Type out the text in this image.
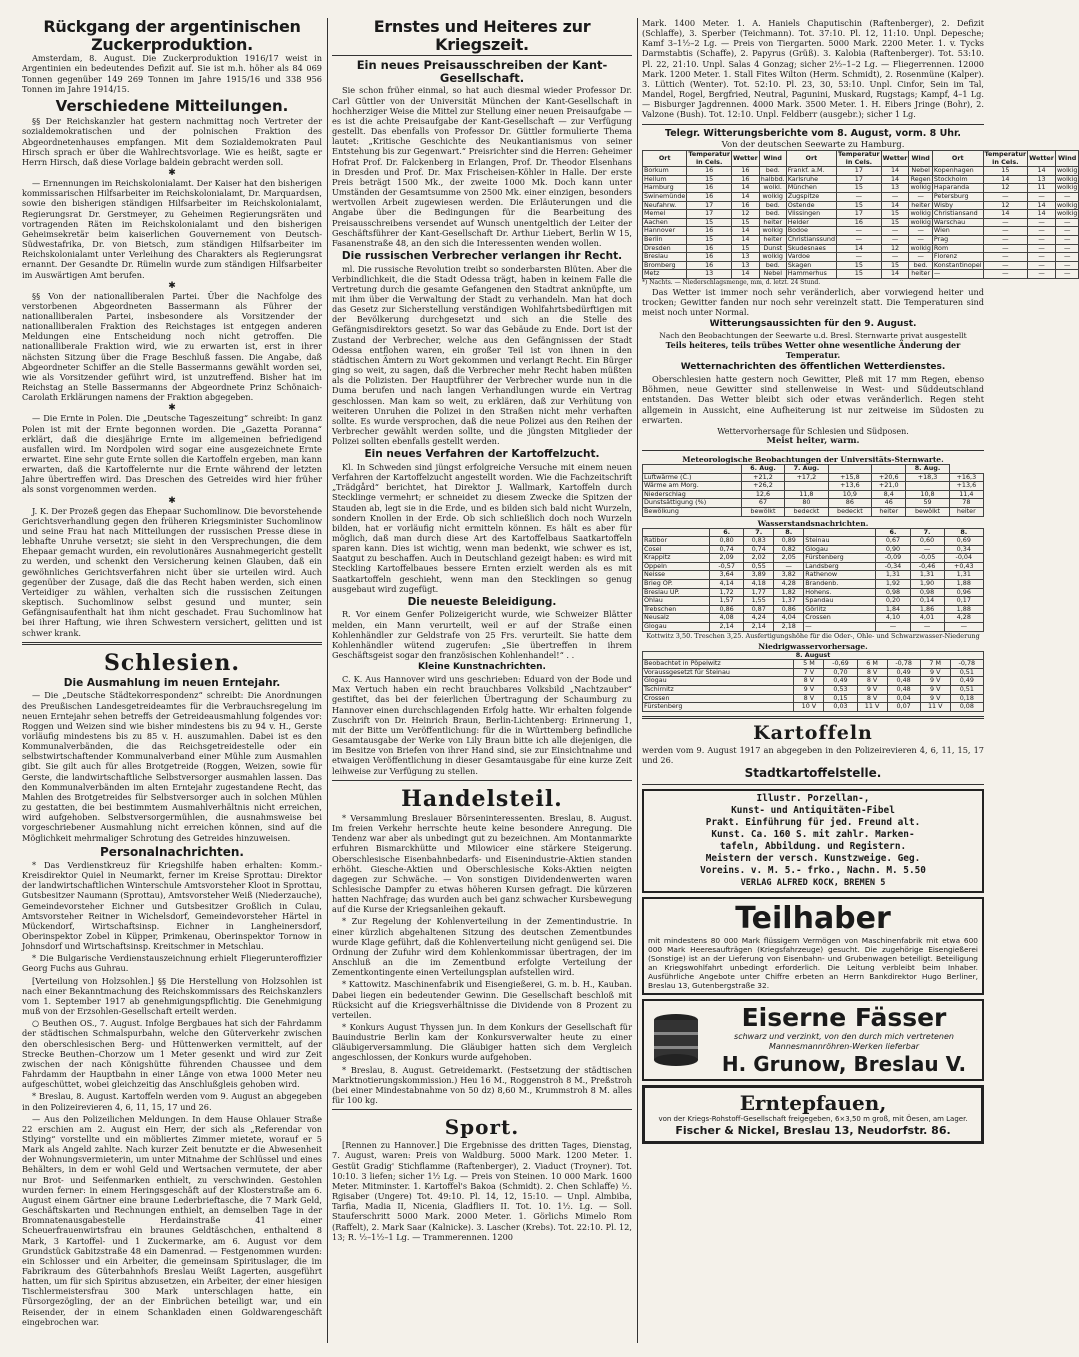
Rückgang der argentinischen Zuckerproduktion.
Amsterdam, 8. August. Die Zuckerproduktion 1916/17 weist in Argentinien ein bedeutendes Defizit auf. Sie ist m.h. höher als 84 069 Tonnen gegenüber 149 269 Tonnen im Jahre 1915/16 und 338 956 Tonnen im Jahre 1914/15.
Verschiedene Mitteilungen.
§§ Der Reichskanzler hat gestern nachmittag noch Vertreter der sozialdemokratischen und der polnischen Fraktion des Abgeordnetenhauses empfangen. Mit dem Sozialdemokraten Paul Hirsch sprach er über die Wahlrechtsvorlage. Wie es heißt, sagte er Herrn Hirsch, daß diese Vorlage baldein gebracht werden soll.
✱
— Ernennungen im Reichskolonialamt. Der Kaiser hat den bisherigen kommissarischen Hilfsarbeiter im Reichskolonialamt, Dr. Marquardsen, sowie den bisherigen ständigen Hilfsarbeiter im Reichskolonialamt, Regierungsrat Dr. Gerstmeyer, zu Geheimen Regierungsräten und vortragenden Räten im Reichskolonialamt und den bisherigen Geheimsekretär beim kaiserlichen Gouvernement von Deutsch-Südwestafrika, Dr. von Bietsch, zum ständigen Hilfsarbeiter im Reichskolonialamt unter Verleihung des Charakters als Regierungsrat ernannt. Der Gesandte Dr. Rümelin wurde zum ständigen Hilfsarbeiter im Auswärtigen Amt berufen.
✱
§§ Von der nationalliberalen Partei. Über die Nachfolge des verstorbenen Abgeordneten Bassermann als Führer der nationalliberalen Partei, insbesondere als Vorsitzender der nationalliberalen Fraktion des Reichstages ist entgegen anderen Meldungen eine Entscheidung noch nicht getroffen. Die nationalliberale Fraktion wird, wie zu erwarten ist, erst in ihrer nächsten Sitzung über die Frage Beschluß fassen. Die Angabe, daß Abgeordneter Schiffer an die Stelle Bassermanns gewählt worden sei, wie als Vorsitzender geführt wird, ist unzutreffend. Bisher hat im Reichstag an Stelle Bassermanns der Abgeordnete Prinz Schönaich-Carolath Erklärungen namens der Fraktion abgegeben.
✱
— Die Ernte in Polen. Die „Deutsche Tageszeitung“ schreibt: In ganz Polen ist mit der Ernte begonnen worden. Die „Gazetta Poranna“ erklärt, daß die diesjährige Ernte im allgemeinen befriedigend ausfallen wird. Im Nordpolen wird sogar eine ausgezeichnete Ernte erwartet. Eine sehr gute Ernte sollen die Kartoffeln ergeben, man kann erwarten, daß die Kartoffelernte nur die Ernte während der letzten Jahre übertreffen wird. Das Dreschen des Getreides wird hier früher als sonst vorgenommen werden.
✱
J. K. Der Prozeß gegen das Ehepaar Suchomlinow. Die bevorstehende Gerichtsverhandlung gegen den früheren Kriegsminister Suchomlinow und seine Frau hat nach Mitteilungen der russischen Presse diese in lebhafte Unruhe versetzt; sie sieht in den Versprechungen, die dem Ehepaar gemacht wurden, ein revolutionäres Ausnahmegericht gestellt zu werden, und schenkt den Versicherung keinen Glauben, daß ein gewöhnliches Gerichtsverfahren nicht über sie urteilen wird. Auch gegenüber der Zusage, daß die das Recht haben werden, sich einen Verteidiger zu wählen, verhalten sich die russischen Zeitungen skeptisch. Suchomlinow selbst gesund und munter, sein Gefängnisaufenthalt hat ihm nicht geschadet. Frau Suchomlinow hat bei ihrer Haftung, wie ihren Schwestern versichert, gelitten und ist schwer krank.
Schlesien.
Die Ausmahlung im neuen Erntejahr.
— Die „Deutsche Städtekorrespondenz“ schreibt: Die Anordnungen des Preußischen Landesgetreideamtes für die Verbrauchsregelung im neuen Erntejahr sehen betreffs der Getreideausmahlung folgendes vor: Roggen und Weizen sind wie bisher mindestens bis zu 94 v. H., Gerste vorläufig mindestens bis zu 85 v. H. auszumahlen. Dabei ist es den Kommunalverbänden, die das Reichsgetreidestelle oder ein selbstwirtschaftender Kommunalverband einer Mühle zum Ausmahlen gibt. Sie gilt auch für alles Brotgetreide (Roggen, Weizen, sowie für Gerste, die landwirtschaftliche Selbstversorger ausmahlen lassen. Das den Kommunalverbänden im alten Erntejahr zugestandene Recht, das Mahlen des Brotgetreides für Selbstversorger auch in solchen Mühlen zu gestatten, die bei bestimmtem Ausmahlverhältnis nicht erreichen, wird aufgehoben. Selbstversorgermühlen, die ausnahmsweise bei vorgeschriebener Ausmahlung nicht erreichen können, sind auf die Möglichkeit mehrmaliger Schrotung des Getreides hinzuweisen.
Personalnachrichten.
* Das Verdienstkreuz für Kriegshilfe haben erhalten: Komm.-Kreisdirektor Quiel in Neumarkt, ferner im Kreise Sprottau: Direktor der landwirtschaftlichen Winterschule Amtsvorsteher Kloot in Sprottau, Gutsbesitzer Naumann (Sprottau), Amtsvorsteher Weiß (Niederzauche), Gemeindevorsteher Eichner und Gutsbesitzer Großlich in Culau, Amtsvorsteher Reitner in Wichelsdorf, Gemeindevorsteher Härtel in Mückendorf, Wirtschaftsinsp. Eichner in Langheinersdorf, Oberinspektor Zobel in Küpper, Primkenau, Oberinspektor Tornow in Johnsdorf und Wirtschaftsinsp. Kreitschmer in Metschlau.
* Die Bulgarische Verdienstauszeichnung erhielt Fliegerunteroffizier Georg Fuchs aus Guhrau.
[Verteilung von Holzsohlen.] §§ Die Herstellung von Holzsohlen ist nach einer Bekanntmachung des Reichskommissars des Reichskanzlers vom 1. September 1917 ab genehmigungspflichtig. Die Genehmigung muß von der Erzsohlen-Gesellschaft erteilt werden.
○ Beuthen OS., 7. August. Infolge Bergbaues hat sich der Fahrdamm der städtischen Schmalspurbahn, welche den Güterverkehr zwischen den oberschlesischen Berg- und Hüttenwerken vermittelt, auf der Strecke Beuthen–Chorzow um 1 Meter gesenkt und wird zur Zeit zwischen der nach Königshütte führenden Chaussee und dem Fahrdamm der Hauptbahn in einer Länge von etwa 1000 Meter neu aufgeschüttet, wobei gleichzeitig das Anschlußgleis gehoben wird.
* Breslau, 8. August. Kartoffeln werden vom 9. August an abgegeben in den Polizeirevieren 4, 6, 11, 15, 17 und 26.
— Aus den Polizeilichen Meldungen. In dem Hause Ohlauer Straße 22 erschien am 2. August ein Herr, der sich als „Referendar von Stlying“ vorstellte und ein möbliertes Zimmer mietete, worauf er 5 Mark als Angeld zahlte. Nach kurzer Zeit benutzte er die Abwesenheit der Wohnungsvermieterin, um unter Mitnahme der Schlüssel und eines Behälters, in dem er wohl Geld und Wertsachen vermutete, der aber nur Brot- und Seifenmarken enthielt, zu verschwinden. Gestohlen wurden ferner: in einem Heringsgeschäft auf der Klosterstraße am 6. August einem Gärtner eine braune Lederbrieftasche, die 7 Mark Geld, Geschäftskarten und Rechnungen enthielt, an demselben Tage in der Bromnatenausgabestelle Herdainstraße 41 einer Scheuerfrauenwirtsfrau ein braunes Geldtäschchen, enthaltend 8 Mark, 3 Kartoffel- und 1 Zuckermarke, am 6. August vor dem Grundstück Gabitzstraße 48 ein Damenrad. — Festgenommen wurden: ein Schlosser und ein Arbeiter, die gemeinsam Spirituslager, die im Fabrikraum des Güterbahnhofs Breslau Weißt Lagerten, ausgeführt hatten, um für sich Spiritus abzusetzen, ein Arbeiter, der einer hiesigen Tischlermeistersfrau 300 Mark unterschlagen hatte, ein Fürsorgezögling, der an der Einbrüchen beteiligt war, und ein Reisender, der in einem Schankladen einen Goldwarengeschäft eingebrochen war.
Ernstes und Heiteres zur Kriegszeit.
Ein neues Preisausschreiben der Kant-Gesellschaft.
Sie schon früher einmal, so hat auch diesmal wieder Professor Dr. Carl Güttler von der Universität München der Kant-Gesellschaft in hochherziger Weise die Mittel zur Stellung einer neuen Preisaufgabe — es ist die achte Preisaufgabe der Kant-Gesellschaft — zur Verfügung gestellt. Das ebenfalls von Professor Dr. Güttler formulierte Thema lautet: „Kritische Geschichte des Neukantianismus von seiner Entstehung bis zur Gegenwart.“ Preisrichter sind die Herren: Geheimer Hofrat Prof. Dr. Falckenberg in Erlangen, Prof. Dr. Theodor Elsenhans in Dresden und Prof. Dr. Max Frischeisen-Köhler in Halle. Der erste Preis beträgt 1500 Mk., der zweite 1000 Mk. Doch kann unter Umständen der Gesamtsumme von 2500 Mk. einer einzigen, besonders wertvollen Arbeit zugewiesen werden. Die Erläuterungen und die Angabe über die Bedingungen für die Bearbeitung des Preisausschreibens versendet auf Wunsch unentgeltlich der Leiter der Geschäftsführer der Kant-Gesellschaft Dr. Arthur Liebert, Berlin W 15, Fasanenstraße 48, an den sich die Interessenten wenden wollen.
Die russischen Verbrecher verlangen ihr Recht.
ml. Die russische Revolution treibt so sonderbarsten Blüten. Aber die Verbindlichkeit, die die Stadt Odessa trägt, haben in keinem Falle die Vertretung durch die gesamte Gefangenen den Stadtrat anknüpfte, um mit ihm über die Verwaltung der Stadt zu verhandeln. Man hat doch das Gesetz zur Sicherstellung verständigen Wohlfahrtsbedürftigen mit der Bevölkerung durchgesetzt und sich an die Stelle des Gefängnisdirektors gesetzt. So war das Gebäude zu Ende. Dort ist der Zustand der Verbrecher, welche aus den Gefängnissen der Stadt Odessa entflohen waren, ein großer Teil ist von ihnen in den städtischen Ämtern zu Wort gekommen und verlangt Recht. Ein Bürger ging so weit, zu sagen, daß die Verbrecher mehr Recht haben müßten als die Polizisten. Der Hauptführer der Verbrecher wurde nun in die Duma berufen und nach langen Verhandlungen wurde ein Vertrag geschlossen. Man kam so weit, zu erklären, daß zur Verhütung von weiteren Unruhen die Polizei in den Straßen nicht mehr verhaften sollte. Es wurde versprochen, daß die neue Polizei aus den Reihen der Verbrecher gewählt werden sollte, und die jüngsten Mitglieder der Polizei sollten ebenfalls gestellt werden.
Ein neues Verfahren der Kartoffelzucht.
Kl. In Schweden sind jüngst erfolgreiche Versuche mit einem neuen Verfahren der Kartoffelzucht angestellt worden. Wie die Fachzeitschrift „Trädgård“ berichtet, hat Direktor J. Wallmark, Kartoffeln durch Stecklinge vermehrt; er schneidet zu diesem Zwecke die Spitzen der Stauden ab, legt sie in die Erde, und es bilden sich bald nicht Wurzeln, sondern Knollen in der Erde. Ob sich schließlich doch noch Wurzeln bilden, hat er vorläufig nicht ermitteln können. Es hält es aber für möglich, daß man durch diese Art des Kartoffelbaus Saatkartoffeln sparen kann. Dies ist wichtig, wenn man bedenkt, wie schwer es ist, Saatgut zu beschaffen. Auch in Deutschland gezeigt haben: es wird mit Steckling Kartoffelbaues bessere Ernten erzielt werden als es mit Saatkartoffeln geschieht, wenn man den Stecklingen so genug ausgebaut wird zugefügt.
Die neueste Beleidigung.
R. Vor einem Genfer Polizeigericht wurde, wie Schweizer Blätter melden, ein Mann verurteilt, weil er auf der Straße einen Kohlenhändler zur Geldstrafe von 25 Frs. verurteilt. Sie hatte dem Kohlenhändler wütend zugerufen: „Sie übertreffen in ihrem Geschäftsgeist sogar den französischen Kohlenhandel!“ . .
Kleine Kunstnachrichten.
C. K. Aus Hannover wird uns geschrieben: Eduard von der Bode und Max Vertuch haben ein recht brauchbares Volksbild „Nachtzauber“ gestiftet, das bei der feierlichen Übertragung der Schaumburg zu Hannover einen durchschlagenden Erfolg hatte. Wir erhalten folgende Zuschrift von Dr. Heinrich Braun, Berlin-Lichtenberg: Erinnerung 1, mit der Bitte um Veröffentlichung: für die in Württemberg befindliche Gesamtausgabe der Werke von Lily Braun bitte ich alle diejenigen, die im Besitze von Briefen von ihrer Hand sind, sie zur Einsichtnahme und etwaigen Veröffentlichung in dieser Gesamtausgabe für eine kurze Zeit leihweise zur Verfügung zu stellen.
Handelsteil.
* Versammlung Breslauer Börseninteressenten. Breslau, 8. August. Im freien Verkehr herrschte heute keine besondere Anregung. Die Tendenz war aber als unbedingt gut zu bezeichnen. Am Montanmarkte erfuhren Bismarckhütte und Milowicer eine stärkere Steigerung. Oberschlesische Eisenbahnbedarfs- und Eisenindustrie-Aktien standen erhöht. Giesche-Aktien und Oberschlesische Koks-Aktien neigten dagegen zur Schwäche. — Von sonstigen Dividendenwerten waren Schlesische Dampfer zu etwas höheren Kursen gefragt. Die kürzeren hatten Nachfrage; das wurden auch bei ganz schwacher Kursbewegung auf die Kurse der Kriegsanleihen gekauft.
* Zur Regelung der Kohlenverteilung in der Zementindustrie. In einer kürzlich abgehaltenen Sitzung des deutschen Zementbundes wurde Klage geführt, daß die Kohlenverteilung nicht genügend sei. Die Ordnung der Zufuhr wird dem Kohlenkommissar übertragen, der im Anschluß an die im Zementbund erfolgte Verteilung der Zementkontingente einen Verteilungsplan aufstellen wird.
* Kattowitz. Maschinenfabrik und Eisengießerei, G. m. b. H., Kauban. Dabei liegen ein bedeutender Gewinn. Die Gesellschaft beschloß mit Rücksicht auf die Kriegsverhältnisse die Dividende von 8 Prozent zu verteilen.
* Konkurs August Thyssen jun. In dem Konkurs der Gesellschaft für Bauindustrie Berlin kam der Konkursverwalter heute zu einer Gläubigerversammlung. Die Gläubiger hatten sich dem Vergleich angeschlossen, der Konkurs wurde aufgehoben.
* Breslau, 8. August. Getreidemarkt. (Festsetzung der städtischen Marktnotierungskommission.) Heu 16 M., Roggenstroh 8 M., Preßstroh (bei einer Mindestabnahme von 50 dz) 8,60 M., Krummstroh 8 M. alles für 100 kg.
Sport.
[Rennen zu Hannover.] Die Ergebnisse des dritten Tages, Dienstag, 7. August, waren: Preis von Waldburg. 5000 Mark. 1200 Meter. 1. Gestüt Gradig' Stichflamme (Raftenberger), 2. Viaduct (Troyner). Tot. 10:10. 3 liefen; sicher 1½ Lg. — Preis von Steinen. 10 000 Mark. 1600 Meter. Mitminster. 1. Kartoffel's Bakoa (Schmidt). 2. Chen Schlaffe) ½. Rgisaber (Ungere) Tot. 49:10. Pl. 14, 12, 15:10. — Unpl. Almbiba, Tarfia, Madia II, Nicenia, Gladfliers II. Tot. 10. 1½. Lg. — Soll. Stauferschritt 5000 Mark. 2000 Meter. 1. Görlichs Mimelo Rom (Raffelt), 2. Mark Saar (Kalnicke). 3. Lascher (Krebs). Tot. 22:10. Pl. 12, 13; R. ½–1½–1 Lg. — Trammerennen. 1200
Mark. 1400 Meter. 1. A. Haniels Chaputischin (Raftenberger), 2. Defizit (Schlaffe), 3. Sperber (Teichmann). Tot. 37:10. Pl. 12, 11:10. Unpl. Depesche; Kamf 3–1½–2 Lg. — Preis von Tiergarten. 5000 Mark. 2200 Meter. 1. v. Tycks Darmstabtis (Schaffe), 2. Papyrus (Grüß). 3. Kalobia (Raftenberger). Tot. 53:10. Pl. 22, 21:10. Unpl. Salas 4 Gonzag; sicher 2½–1–2 Lg. — Fliegerrennen. 12000 Mark. 1200 Meter. 1. Stall Fites Wilton (Herm. Schmidt), 2. Rosenmüne (Kalper). 3. Lüttich (Wenter). Tot. 52:10. Pl. 23, 30, 53:10. Unpl. Cinfor, Sein im Tal, Mandel, Rogel, Bergfried, Neutral, Pagunini, Muskard, Rugstags; Kampf, 4–1 Lg. — Bisburger Jagdrennen. 4000 Mark. 3500 Meter. 1. H. Eibers Jringe (Bohr), 2. Valzone (Bush). Tot. 12:10. Unpl. Feldberr (ausgebr.); sicher 1 Lg.
Telegr. Witterungsberichte vom 8. August, vorm. 8 Uhr.
Von der deutschen Seewarte zu Hamburg.
Ort	Temperatur in Cels.	Wetter	Wind	Ort	Temperatur in Cels.	Wetter	Wind	Ort	Temperatur in Cels.	Wetter	Wind
Borkum	16	16	bed.	Frankf. a.M.	17	14	Nebel	Kopenhagen	15	14	wolkig
Hellum	15	16	halbbd.	Karlsruhe	17	14	Regen	Stockholm	14	13	wolkig
Hamburg	16	14	wolkl.	München	15	13	wolkig	Haparanda	12	11	wolkig
Swinemünde	16	14	wolkig	Zugspitze	—	—	—	Petersburg	—	—	—
Neufahrw.	17	16	bed.	Ostende	15	14	heiter	Wisby	12	14	wolkig
Memel	17	12	bed.	Vlissingen	17	15	wolkig	Christiansand	14	14	wolkig
Aachen	15	15	heiter	Helder	16	15	wolkig	Warschau	—	—	—
Hannover	16	14	wolkig	Bodoe	—	—	—	Wien	—	—	—
Berlin	15	14	heiter	Christianssund	—	—	—	Prag	—	—	—
Dresden	16	15	Dunst	Skudesnaes	14	12	wolkig	Rom	—	—	—
Breslau	16	13	wolkig	Vardoe	—	—	—	Florenz	—	—	—
Bromberg	16	13	bed.	Skagen	15	15	bed.	Konstantinopel	—	—	—
Metz	13	14	Nebel	Hammerhus	15	14	heiter	—	—	—	—
*) Nachts. — Niederschlagsmenge, mm, d. letzt. 24 Stund.
Das Wetter ist immer noch sehr veränderlich, aber vorwiegend heiter und trocken; Gewitter fanden nur noch sehr vereinzelt statt. Die Temperaturen sind meist noch unter Normal.
Witterungsaussichten für den 9. August.
Nach den Beobachtungen der Seewarte u.d. Bresl. Sternwarte privat ausgestellt
Teils heiteres, teils trübes Wetter ohne wesentliche Änderung der Temperatur.
Wetternachrichten des öffentlichen Wetterdienstes.
Oberschlesien hatte gestern noch Gewitter, Pleß mit 17 mm Regen, ebenso Böhmen, neue Gewitter sind stellenweise in West- und Süddeutschland entstanden. Das Wetter bleibt sich oder etwas veränderlich. Regen steht allgemein in Aussicht, eine Aufheiterung ist nur zeitweise im Südosten zu erwarten.
Wettervorhersage für Schlesien und Südposen.
Meist heiter, warm.
Meteorologische Beobachtungen der Universitäts-Sternwarte.
	6. Aug.	7. Aug.			8. Aug.	
Luftwärme (C.)	+21,2	+17,2	+15,8	+20,6	+18,3	+16,3
Wärme am Morg.	+26,2		+13,6	+21,0		+13,6
Niederschlag	12,6	11,8	10,9	8,4	10,8	11,4
Dunstsättigung (%)	67	80	86	46	59	78
Bewölkung	bewölkt	bedeckt	bedeckt	heiter	bewölkt	heiter
Wasserstandsnachrichten.
	6.	7.	8.		6.	7.	8.
Ratibor	0,80	0,83	0,89	Steinau	0,67	0,60	0,69
Cosel	0,74	0,74	0,82	Glogau	0,90	—	0,34
Krappitz	2,09	2,02	2,05	Fürstenberg	-0,09	-0,05	-0,04
Oppeln	-0,57	0,55	—	Landsberg	-0,34	-0,46	+0,43
Neisse	3,64	3,89	3,82	Rathenow	1,31	1,31	1,31
Brieg OP.	4,14	4,18	4,28	Brandenb.	1,92	1,90	1,88
Breslau UP.	1,72	1,77	1,82	Hohens.	0,98	0,98	0,96
Ohlau	1,57	1,55	1,37	Spandau	0,20	0,14	0,17
Trebschen	0,86	0,87	0,86	Görlitz	1,84	1,86	1,88
Neusalz	4,08	4,24	4,04	Crossen	4,10	4,01	4,28
Glogau	2,14	2,14	2,18	—	—	—	—
Kottwitz 3,50. Treschen 3,25. Ausfertigungshöhe für die Oder-, Ohle- und Schwarzwasser-Niederung
Niedrigwasservorhersage.
8. August						
Beobachtet in Pöpelwitz	5 M	-0,69	6 M	-0,78	7 M	-0,78
Voraussgesetzt für Steinau	7 V	0,70	8 V	0,49	9 V	0,51
Glogau	8 V	0,49	8 V	0,48	9 V	0,49
Tschirnitz	9 V	0,53	9 V	0,48	9 V	0,51
Crossen	8 V	0,15	8 V	0,04	9 V	0,18
Fürstenberg	10 V	0,03	11 V	0,07	11 V	0,08
Kartoffeln
werden vom 9. August 1917 an abgegeben in den Polizeirevieren 4, 6, 11, 15, 17 und 26.
Stadtkartoffelstelle.
Illustr. Porzellan-,
Kunst- und Antiquitäten-Fibel
Prakt. Einführung für jed. Freund alt.
Kunst. Ca. 160 S. mit zahlr. Marken-
tafeln, Abbildung. und Registern.
Meistern der versch. Kunstzweige. Geg.
Voreins. v. M. 5.- frko., Nachn. M. 5.50
VERLAG ALFRED KOCK, BREMEN 5
Teilhaber
mit mindestens 80 000 Mark flüssigem Vermögen von Maschinenfabrik mit etwa 600 000 Mark Heeresaufträgen (Kriegsfahrzeuge) gesucht. Die zugehörige Eisengießerei (Sonstige) ist an der Lieferung von Eisenbahn- und Grubenwagen beteiligt. Beteiligung an Kriegswohlfahrt unbedingt erforderlich. Die Leitung verbleibt beim Inhaber. Ausführliche Angebote unter Chiffre erbeten an Herrn Bankdirektor Hugo Berliner, Breslau 13, Gutenbergstraße 32.
Eiserne Fässer
schwarz und verzinkt, von den durch mich vertretenen Mannesmannröhren-Werken lieferbar
H. Grunow, Breslau V.
Erntepfauen,
von der Kriegs-Rohstoff-Gesellschaft freigegeben, 6×3,50 m groß, mit Öesen, am Lager.
Fischer & Nickel, Breslau 13, Neudorfstr. 86.
